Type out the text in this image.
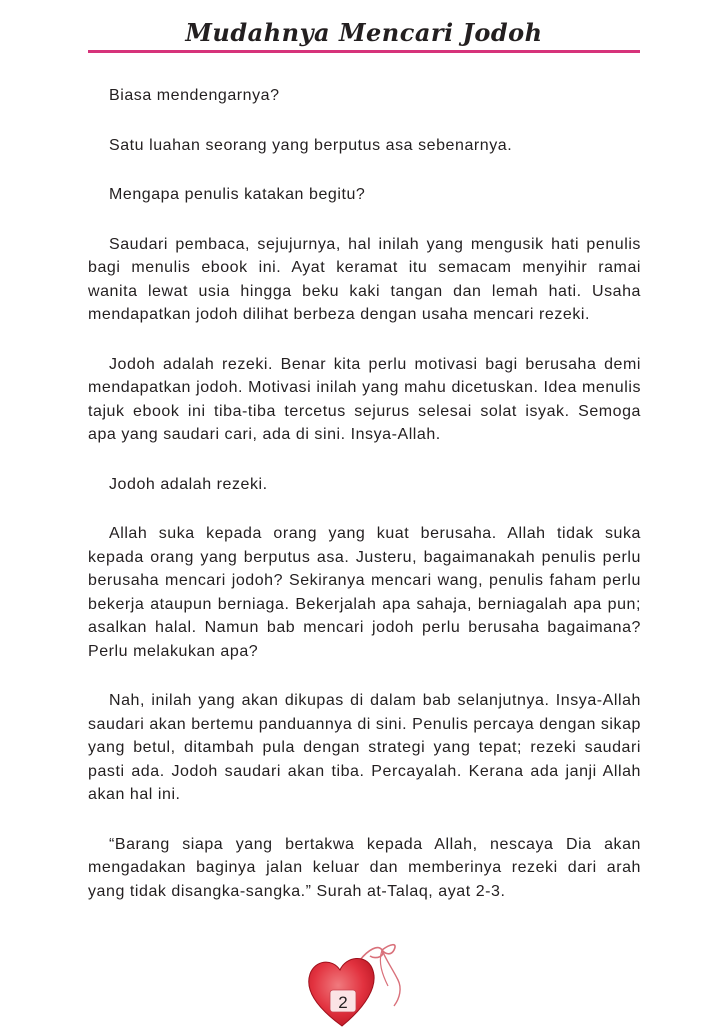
Mudahnya Mencari Jodoh

Biasa mendengarnya?

Satu luahan seorang yang berputus asa sebenarnya.

Mengapa penulis katakan begitu?

Saudari pembaca, sejujurnya, hal inilah yang mengusik hati penulis bagi menulis ebook ini. Ayat keramat itu semacam menyihir ramai wanita lewat usia hingga beku kaki tangan dan lemah hati. Usaha mendapatkan jodoh dilihat berbeza dengan usaha mencari rezeki.

Jodoh adalah rezeki. Benar kita perlu motivasi bagi berusaha demi mendapatkan jodoh. Motivasi inilah yang mahu dicetuskan. Idea menulis tajuk ebook ini tiba-tiba tercetus sejurus selesai solat isyak. Semoga apa yang saudari cari, ada di sini. Insya-Allah.

Jodoh adalah rezeki.

Allah suka kepada orang yang kuat berusaha. Allah tidak suka kepada orang yang berputus asa. Justeru, bagaimanakah penulis perlu berusaha mencari jodoh? Sekiranya mencari wang, penulis faham perlu bekerja ataupun berniaga. Bekerjalah apa sahaja, berniagalah apa pun; asalkan halal. Namun bab mencari jodoh perlu berusaha bagaimana? Perlu melakukan apa?

Nah, inilah yang akan dikupas di dalam bab selanjutnya. Insya-Allah saudari akan bertemu panduannya di sini. Penulis percaya dengan sikap yang betul, ditambah pula dengan strategi yang tepat; rezeki saudari pasti ada. Jodoh saudari akan tiba. Percayalah. Kerana ada janji Allah akan hal ini.

“Barang siapa yang bertakwa kepada Allah, nescaya Dia akan mengadakan baginya jalan keluar dan memberinya rezeki dari arah yang tidak disangka-sangka.” Surah at-Talaq, ayat 2-3.

2
